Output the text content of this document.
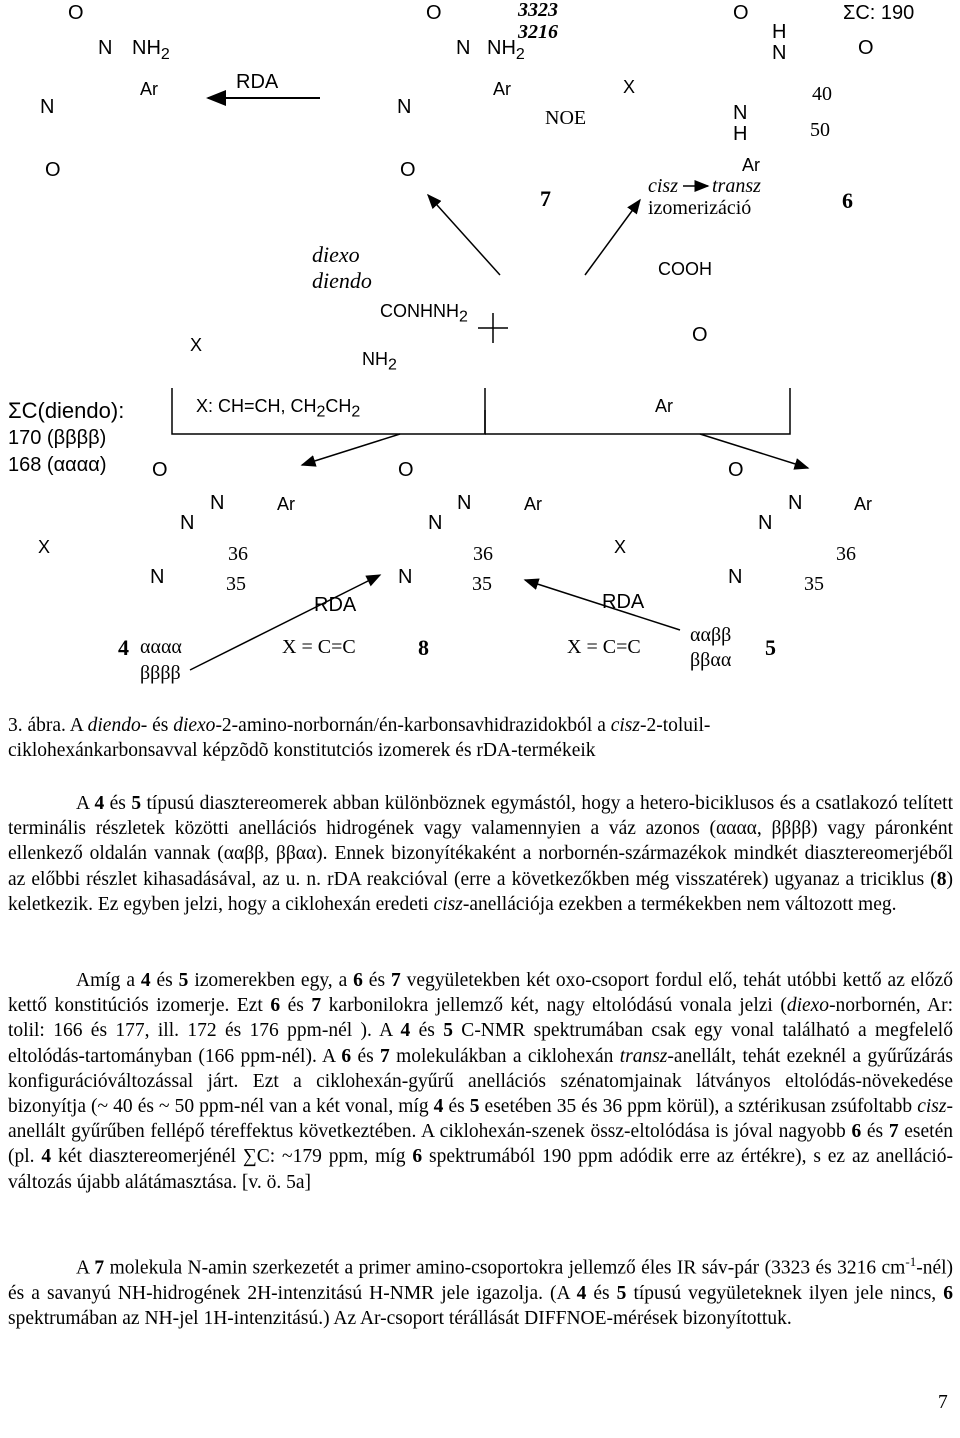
O
N $NH_2$
Ar
N
O
RDA
O
N $NH_2$
Ar
N
O
3323
3216
NOE
7
O
H
N	O
ΣC: 190
X	40
50
N
H
Ar
cisz transz
izomerizáció	6
diexo
diendo
$CONHNH_2$
X
$NH_2$
COOH
O
Ar
ΣC(diendo):
170 (ββββ)
168 (αααα)
X: CH=CH, $CH_2CH_2$
O
N	Ar
N
X	36
N	35
4 αααα
ββββ
O
N	Ar
N
36
N	35
RDA
X = C=C	8
O
N	Ar
N
X	36
N	35
RDA
X = C=C
ααββ
ββαα 5
3. ábra. A diendo- és diexo-2-amino-norbornán/én-karbonsavhidrazidokból a cisz-2-toluil-
ciklohexánkarbonsavval képzõdõ konstitutciós izomerek és rDA-termékeik

A 4 és 5 típusú diasztereomerek abban különböznek egymástól, hogy a hetero-biciklusos és a csatlakozó telített terminális részletek közötti anellációs hidrogének vagy valamennyien a váz azonos (αααα, ββββ) vagy páronként ellenkező oldalán vannak (ααββ, ββαα). Ennek bizonyítékaként a norbornén-származékok mindkét diasztereomerjéből az előbbi részlet kihasadásával, az u. n. rDA reakcióval (erre a következőkben még visszatérek) ugyanaz a triciklus (8) keletkezik. Ez egyben jelzi, hogy a ciklohexán eredeti cisz-anellációja ezekben a termékekben nem változott meg.

Amíg a 4 és 5 izomerekben egy, a 6 és 7 vegyületekben két oxo-csoport fordul elő, tehát utóbbi kettő az előző kettő konstitúciós izomerje. Ezt 6 és 7 karbonilokra jellemző két, nagy eltolódású vonala jelzi (diexo-norbornén, Ar: tolil: 166 és 177, ill. 172 és 176 ppm-nél ). A 4 és 5 C-NMR spektrumában csak egy vonal található a megfelelő eltolódás-tartományban (166 ppm-nél). A 6 és 7 molekulákban a ciklohexán transz-anellált, tehát ezeknél a gyűrűzárás konfigurációváltozással járt. Ezt a ciklohexán-gyűrű anellációs szénatomjainak látványos eltolódás-növekedése bizonyítja (~ 40 és ~ 50 ppm-nél van a két vonal, míg 4 és 5 esetében 35 és 36 ppm körül), a sztérikusan zsúfoltabb cisz-anellált gyűrűben fellépő téreffektus következtében. A ciklohexán-szenek össz-eltolódása is jóval nagyobb 6 és 7 esetén (pl. 4 két diasztereomerjénél ∑C: ~179 ppm, míg 6 spektrumából 190 ppm adódik erre az értékre), s ez az anelláció-változás újabb alátámasztása. [v. ö. 5a]

A 7 molekula N-amin szerkezetét a primer amino-csoportokra jellemző éles IR sáv-pár (3323 és 3216 $cm^{-1}-nél$) és a savanyú NH-hidrogének 2H-intenzitású H-NMR jele igazolja. (A 4 és 5 típusú vegyületeknek ilyen jele nincs, 6 spektrumában az NH-jel 1H-intenzitású.) Az Ar-csoport térállását DIFFNOE-mérések bizonyítottuk.

7
